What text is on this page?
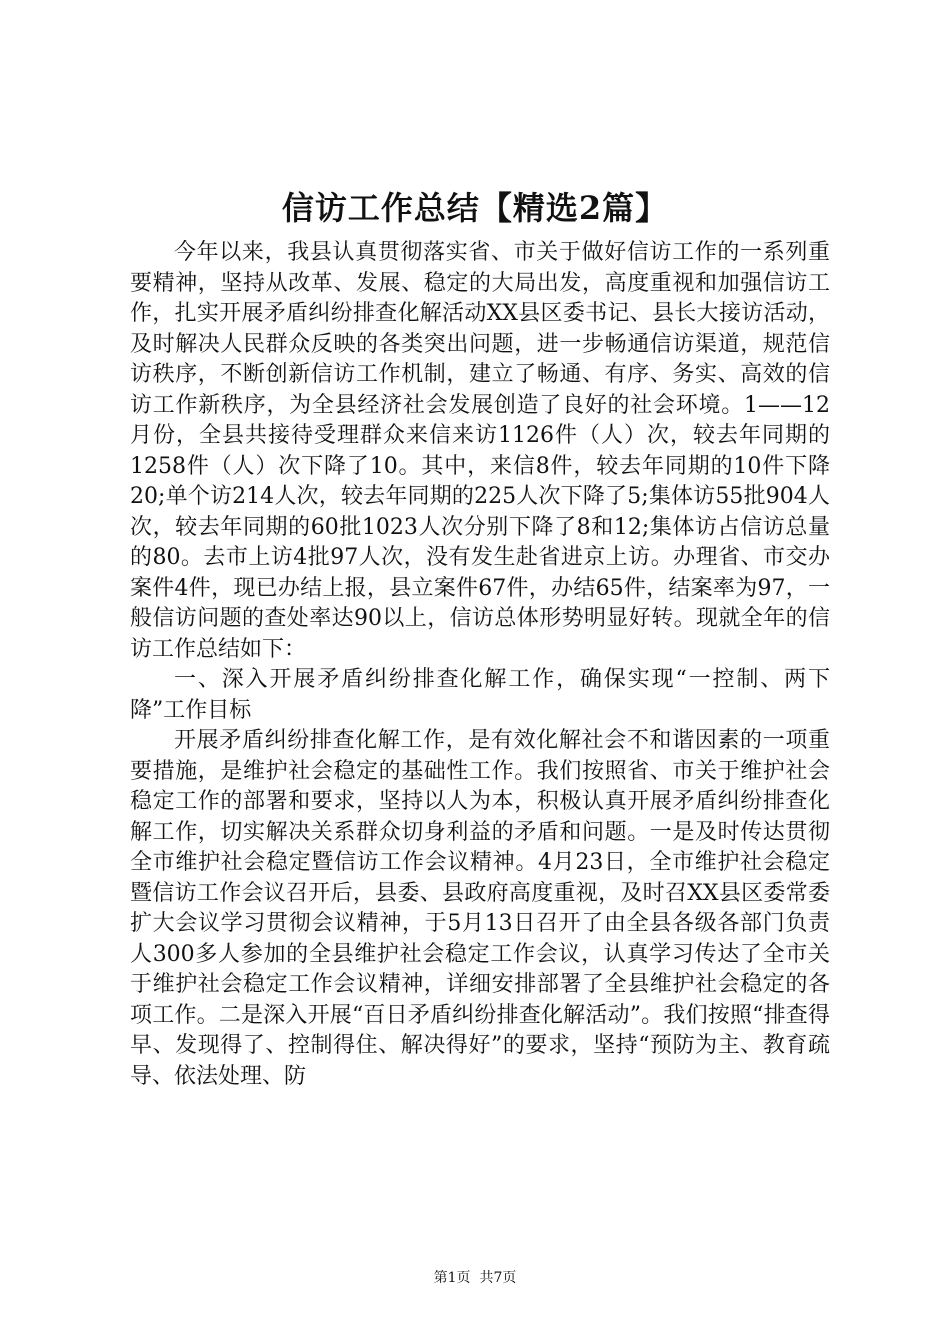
信访工作总结【精选2篇】

今年以来，我县认真贯彻落实省、市关于做好信访工作的一系列重要精神，坚持从改革、发展、稳定的大局出发，高度重视和加强信访工作，扎实开展矛盾纠纷排查化解活动XX县区委书记、县长大接访活动，及时解决人民群众反映的各类突出问题，进一步畅通信访渠道，规范信访秩序，不断创新信访工作机制，建立了畅通、有序、务实、高效的信访工作新秩序，为全县经济社会发展创造了良好的社会环境。1——12月份，全县共接待受理群众来信来访1126件（人）次，较去年同期的1258件（人）次下降了10。其中，来信8件，较去年同期的10件下降20;单个访214人次，较去年同期的225人次下降了5;集体访55批904人次，较去年同期的60批1023人次分别下降了8和12;集体访占信访总量的80。去市上访4批97人次，没有发生赴省进京上访。办理省、市交办案件4件，现已办结上报，县立案件67件，办结65件，结案率为97，一般信访问题的查处率达90以上，信访总体形势明显好转。现就全年的信访工作总结如下：

一、深入开展矛盾纠纷排查化解工作，确保实现“一控制、两下降”工作目标

开展矛盾纠纷排查化解工作，是有效化解社会不和谐因素的一项重要措施，是维护社会稳定的基础性工作。我们按照省、市关于维护社会稳定工作的部署和要求，坚持以人为本，积极认真开展矛盾纠纷排查化解工作，切实解决关系群众切身利益的矛盾和问题。一是及时传达贯彻全市维护社会稳定暨信访工作会议精神。4月23日，全市维护社会稳定暨信访工作会议召开后，县委、县政府高度重视，及时召XX县区委常委扩大会议学习贯彻会议精神，于5月13日召开了由全县各级各部门负责人300多人参加的全县维护社会稳定工作会议，认真学习传达了全市关于维护社会稳定工作会议精神，详细安排部署了全县维护社会稳定的各项工作。二是深入开展“百日矛盾纠纷排查化解活动”。我们按照“排查得早、发现得了、控制得住、解决得好”的要求，坚持“预防为主、教育疏导、依法处理、防

第1页 共7页
